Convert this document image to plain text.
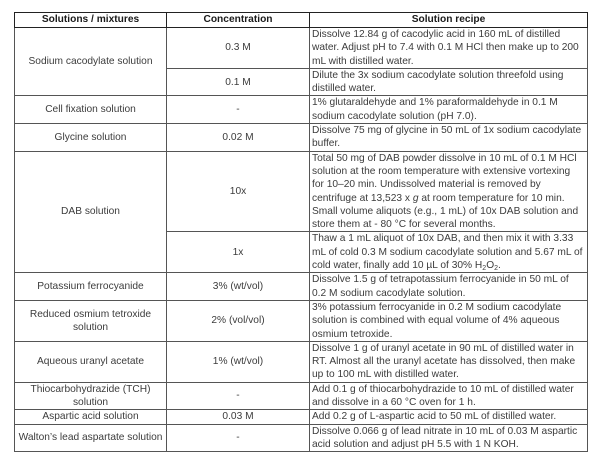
Solutions / mixtures	Concentration	Solution recipe
Sodium cacodylate solution	0.3 M	Dissolve 12.84 g of cacodylic acid in 160 mL of distilled water. Adjust pH to 7.4 with 0.1 M HCl then make up to 200 mL with distilled water.
	0.1 M	Dilute the 3x sodium cacodylate solution threefold using distilled water.
Cell fixation solution	-	1% glutaraldehyde and 1% paraformaldehyde in 0.1 M sodium cacodylate solution (pH 7.0).
Glycine solution	0.02 M	Dissolve 75 mg of glycine in 50 mL of 1x sodium cacodylate buffer.
DAB solution	10x	Total 50 mg of DAB powder dissolve in 10 mL of 0.1 M HCl solution at the room temperature with extensive vortexing for 10–20 min. Undissolved material is removed by centrifuge at 13,523 x g at room temperature for 10 min. Small volume aliquots (e.g., 1 mL) of 10x DAB solution and store them at - 80 °C for several months.
	1x	Thaw a 1 mL aliquot of 10x DAB, and then mix it with 3.33 mL of cold 0.3 M sodium cacodylate solution and 5.67 mL of cold water, finally add 10 µL of 30% $H_2O_2$.
Potassium ferrocyanide	3% (wt/vol)	Dissolve 1.5 g of tetrapotassium ferrocyanide in 50 mL of 0.2 M sodium cacodylate solution.
Reduced osmium tetroxide solution	2% (vol/vol)	3% potassium ferrocyanide in 0.2 M sodium cacodylate solution is combined with equal volume of 4% aqueous osmium tetroxide.
Aqueous uranyl acetate	1% (wt/vol)	Dissolve 1 g of uranyl acetate in 90 mL of distilled water in RT. Almost all the uranyl acetate has dissolved, then make up to 100 mL with distilled water.
Thiocarbohydrazide (TCH) solution	-	Add 0.1 g of thiocarbohydrazide to 10 mL of distilled water and dissolve in a 60 °C oven for 1 h.
Aspartic acid solution	0.03 M	Add 0.2 g of L-aspartic acid to 50 mL of distilled water.
Walton’s lead aspartate solution	-	Dissolve 0.066 g of lead nitrate in 10 mL of 0.03 M aspartic acid solution and adjust pH 5.5 with 1 N KOH.
